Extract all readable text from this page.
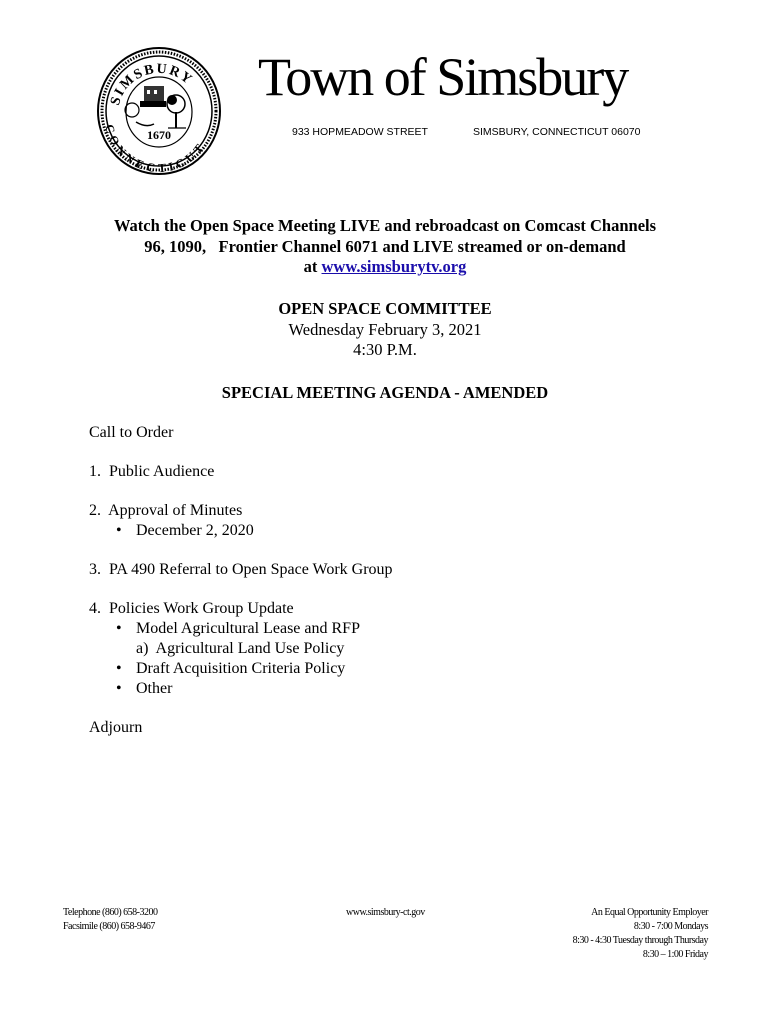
SIMSBURY
CONNECTICUT
1670
Town of Simsbury
933 HOPMEADOW STREET	SIMSBURY, CONNECTICUT 06070
Watch the Open Space Meeting LIVE and rebroadcast on Comcast Channels
96, 1090,   Frontier Channel 6071 and LIVE streamed or on-demand
at www.simsburytv.org
OPEN SPACE COMMITTEE
Wednesday February 3, 2021
4:30 P.M.
SPECIAL MEETING AGENDA - AMENDED
Call to Order
1.  Public Audience
2.  Approval of Minutes
• December 2, 2020
3.  PA 490 Referral to Open Space Work Group
4.  Policies Work Group Update
• Model Agricultural Lease and RFP
a)  Agricultural Land Use Policy
• Draft Acquisition Criteria Policy
• Other
Adjourn
Telephone (860) 658-3200
Facsimile (860) 658-9467
www.simsbury-ct.gov	An Equal Opportunity Employer
8:30 - 7:00 Mondays
8:30 - 4:30 Tuesday through Thursday
8:30 – 1:00 Friday
